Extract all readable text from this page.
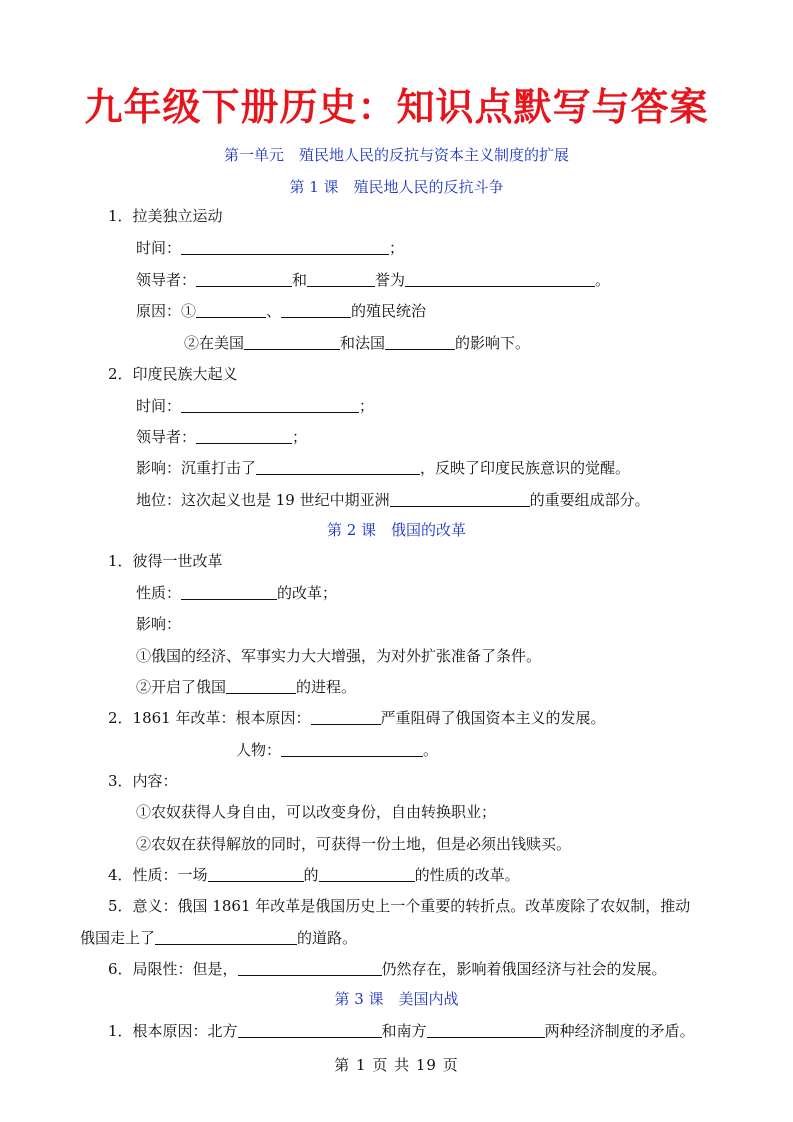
九年级下册历史：知识点默写与答案
第一单元　殖民地人民的反抗与资本主义制度的扩展
第 1 课　殖民地人民的反抗斗争
1．拉美独立运动
时间：	；
领导者：	和	誉为	。
原因：①	、	的殖民统治
②在美国	和法国	的影响下。
2．印度民族大起义
时间：	；
领导者：	；
影响：沉重打击了	，反映了印度民族意识的觉醒。
地位：这次起义也是 19 世纪中期亚洲	的重要组成部分。
第 2 课　俄国的改革
1．彼得一世改革
性质：	的改革；
影响：
①俄国的经济、军事实力大大增强，为对外扩张准备了条件。
②开启了俄国	的进程。
2．1861 年改革：根本原因：	严重阻碍了俄国资本主义的发展。
人物：	。
3．内容：
①农奴获得人身自由，可以改变身份，自由转换职业；
②农奴在获得解放的同时，可获得一份土地，但是必须出钱赎买。
4．性质：一场	的	的性质的改革。
5．意义：俄国 1861 年改革是俄国历史上一个重要的转折点。改革废除了农奴制，推动
俄国走上了	的道路。
6．局限性：但是，	仍然存在，影响着俄国经济与社会的发展。
第 3 课　美国内战
1．根本原因：北方	和南方	两种经济制度的矛盾。
第 1 页 共 19 页
